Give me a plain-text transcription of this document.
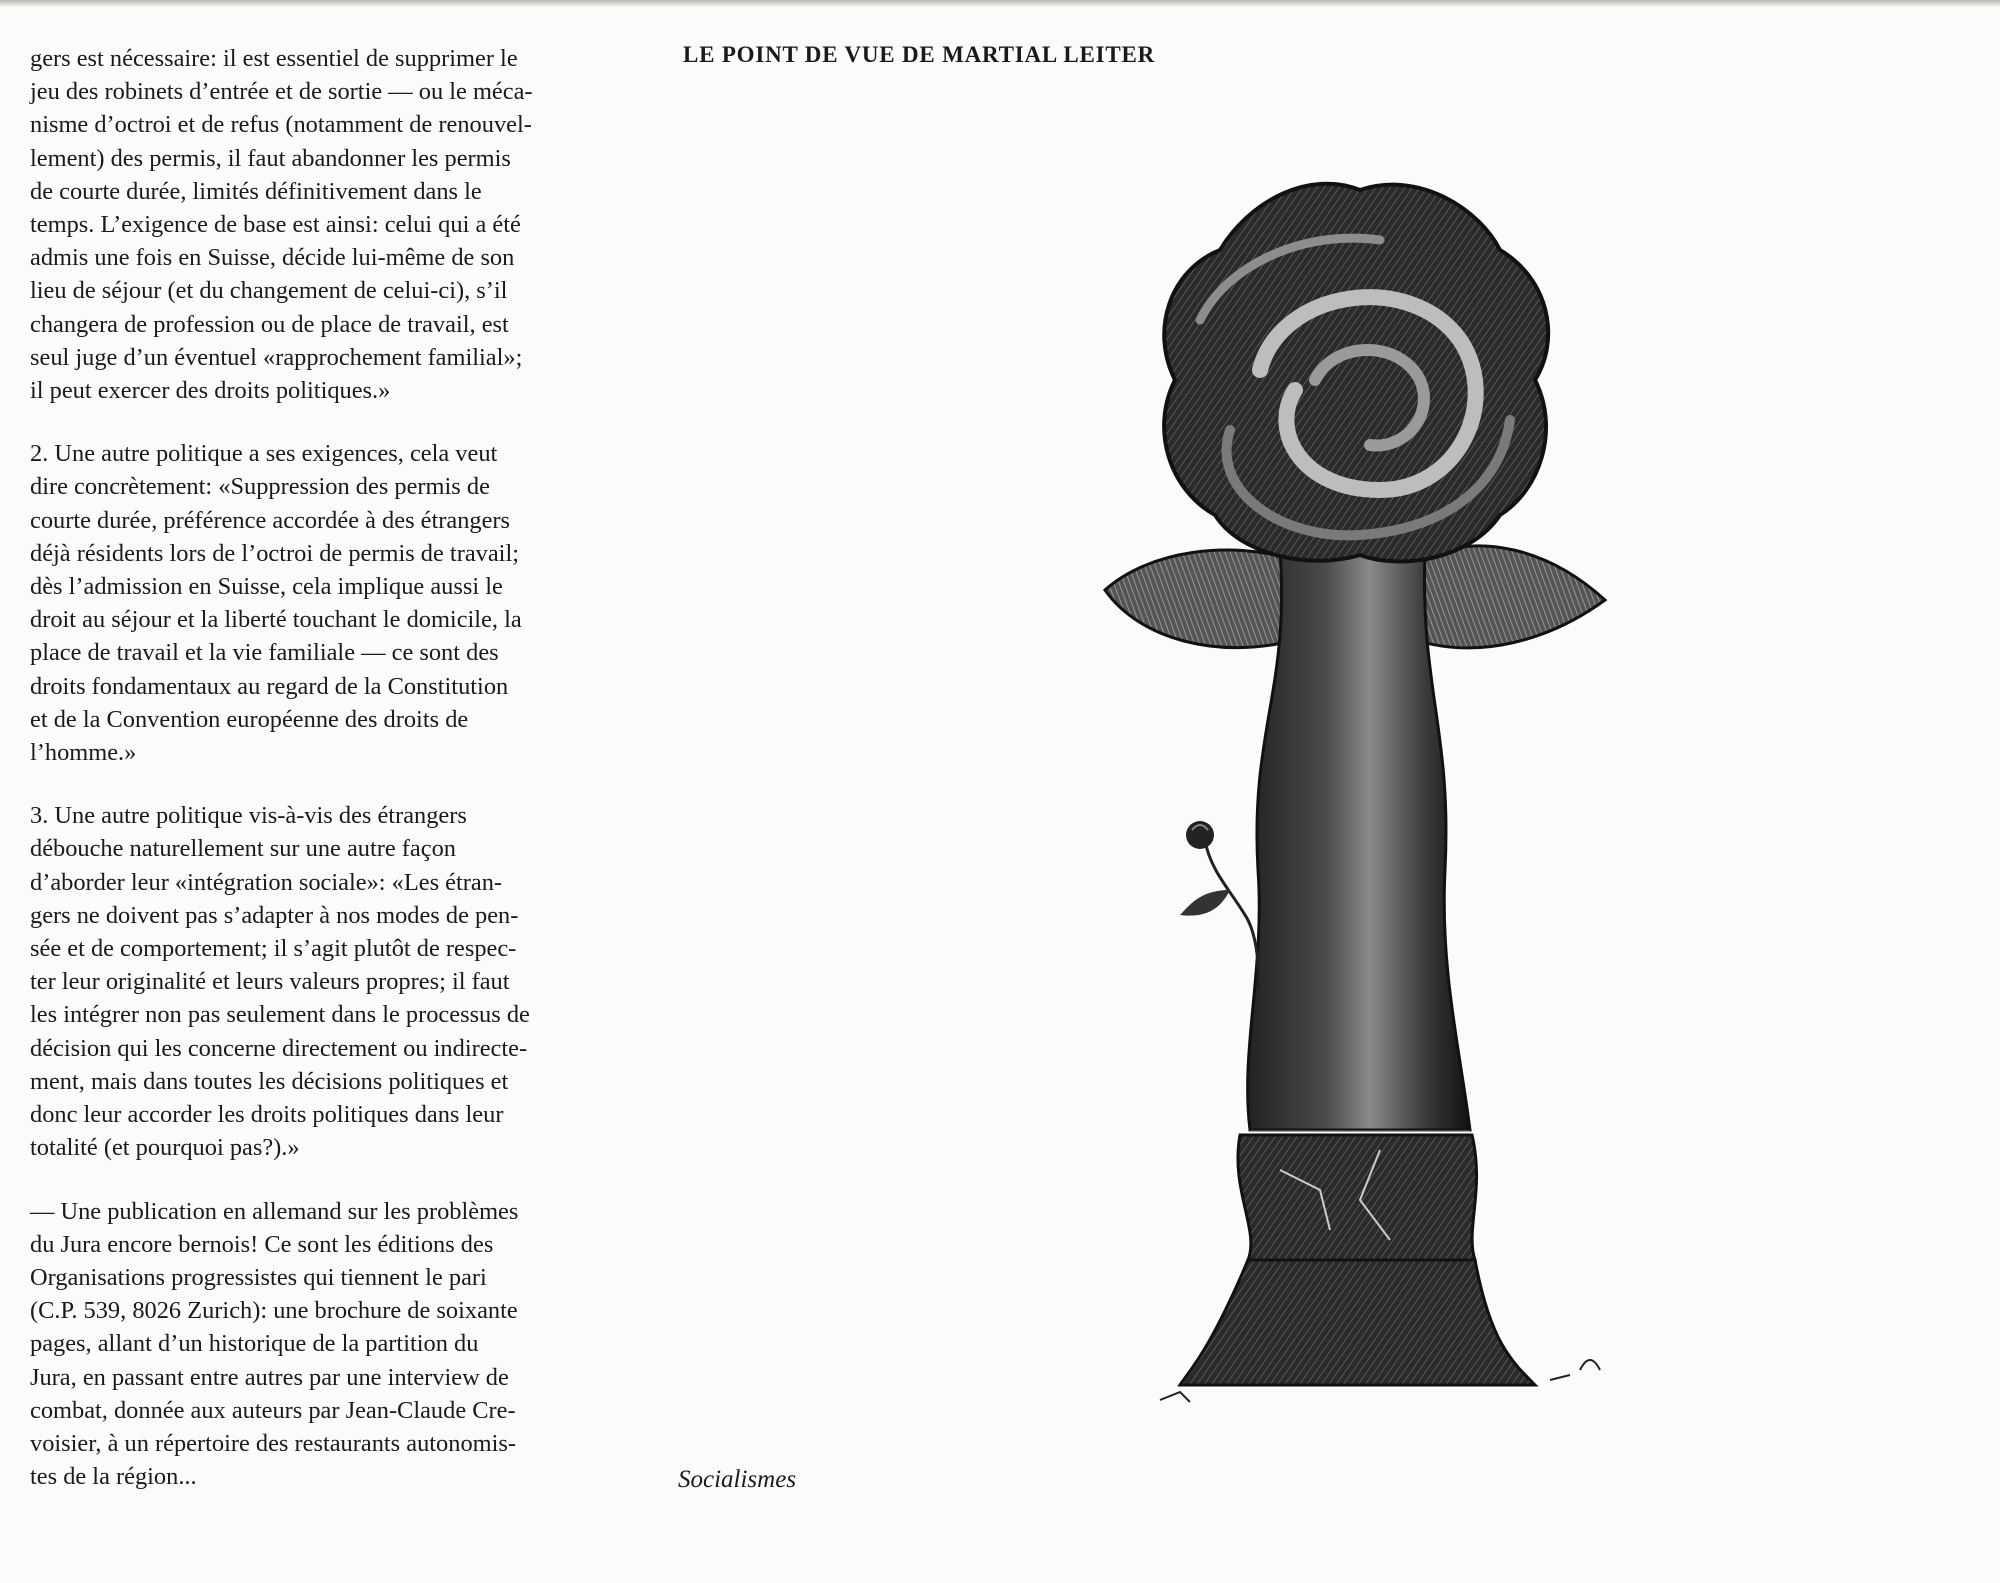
gers est nécessaire: il est essentiel de supprimer le
jeu des robinets d’entrée et de sortie — ou le méca-
nisme d’octroi et de refus (notamment de renouvel-
lement) des permis, il faut abandonner les permis
de courte durée, limités définitivement dans le
temps. L’exigence de base est ainsi: celui qui a été
admis une fois en Suisse, décide lui-même de son
lieu de séjour (et du changement de celui-ci), s’il
changera de profession ou de place de travail, est
seul juge d’un éventuel «rapprochement familial»;
il peut exercer des droits politiques.»

2. Une autre politique a ses exigences, cela veut
dire concrètement: «Suppression des permis de
courte durée, préférence accordée à des étrangers
déjà résidents lors de l’octroi de permis de travail;
dès l’admission en Suisse, cela implique aussi le
droit au séjour et la liberté touchant le domicile, la
place de travail et la vie familiale — ce sont des
droits fondamentaux au regard de la Constitution
et de la Convention européenne des droits de
l’homme.»

3. Une autre politique vis-à-vis des étrangers
débouche naturellement sur une autre façon
d’aborder leur «intégration sociale»: «Les étran-
gers ne doivent pas s’adapter à nos modes de pen-
sée et de comportement; il s’agit plutôt de respec-
ter leur originalité et leurs valeurs propres; il faut
les intégrer non pas seulement dans le processus de
décision qui les concerne directement ou indirecte-
ment, mais dans toutes les décisions politiques et
donc leur accorder les droits politiques dans leur
totalité (et pourquoi pas?).»

— Une publication en allemand sur les problèmes
du Jura encore bernois! Ce sont les éditions des
Organisations progressistes qui tiennent le pari
(C.P. 539, 8026 Zurich): une brochure de soixante
pages, allant d’un historique de la partition du
Jura, en passant entre autres par une interview de
combat, donnée aux auteurs par Jean-Claude Cre-
voisier, à un répertoire des restaurants autonomis-
tes de la région...

LE POINT DE VUE DE MARTIAL LEITER
Socialismes
